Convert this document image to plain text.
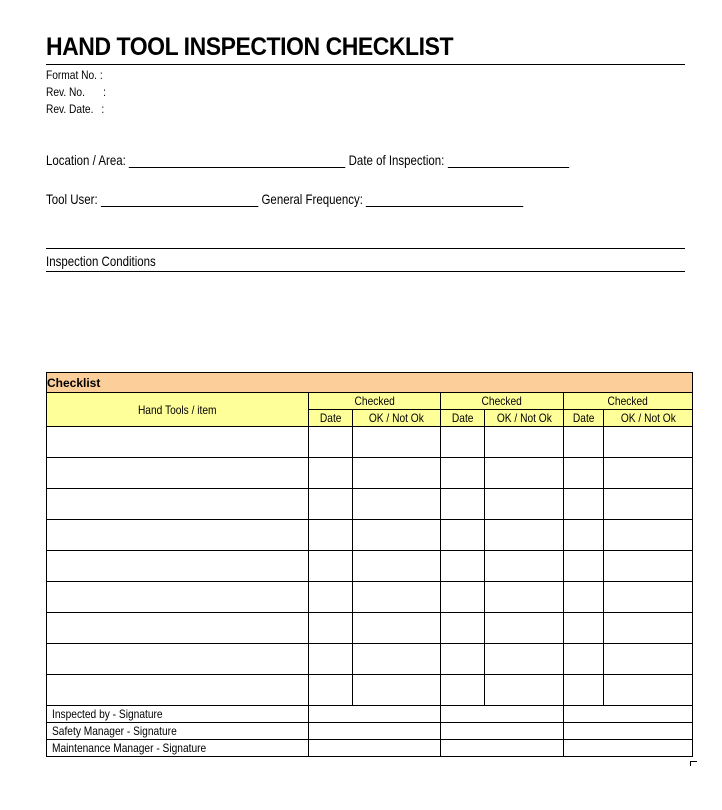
HAND TOOL INSPECTION CHECKLIST
Format No. :
Rev. No. :
Rev. Date. :
Location / Area:	Date of Inspection:
Tool User:	General Frequency:
Inspection Conditions
Checklist						
Hand Tools / item	Checked		Checked		Checked	
	Date	OK / Not Ok	Date	OK / Not Ok	Date	OK / Not Ok

Inspected by - Signature						
Safety Manager - Signature						
Maintenance Manager - Signature						
